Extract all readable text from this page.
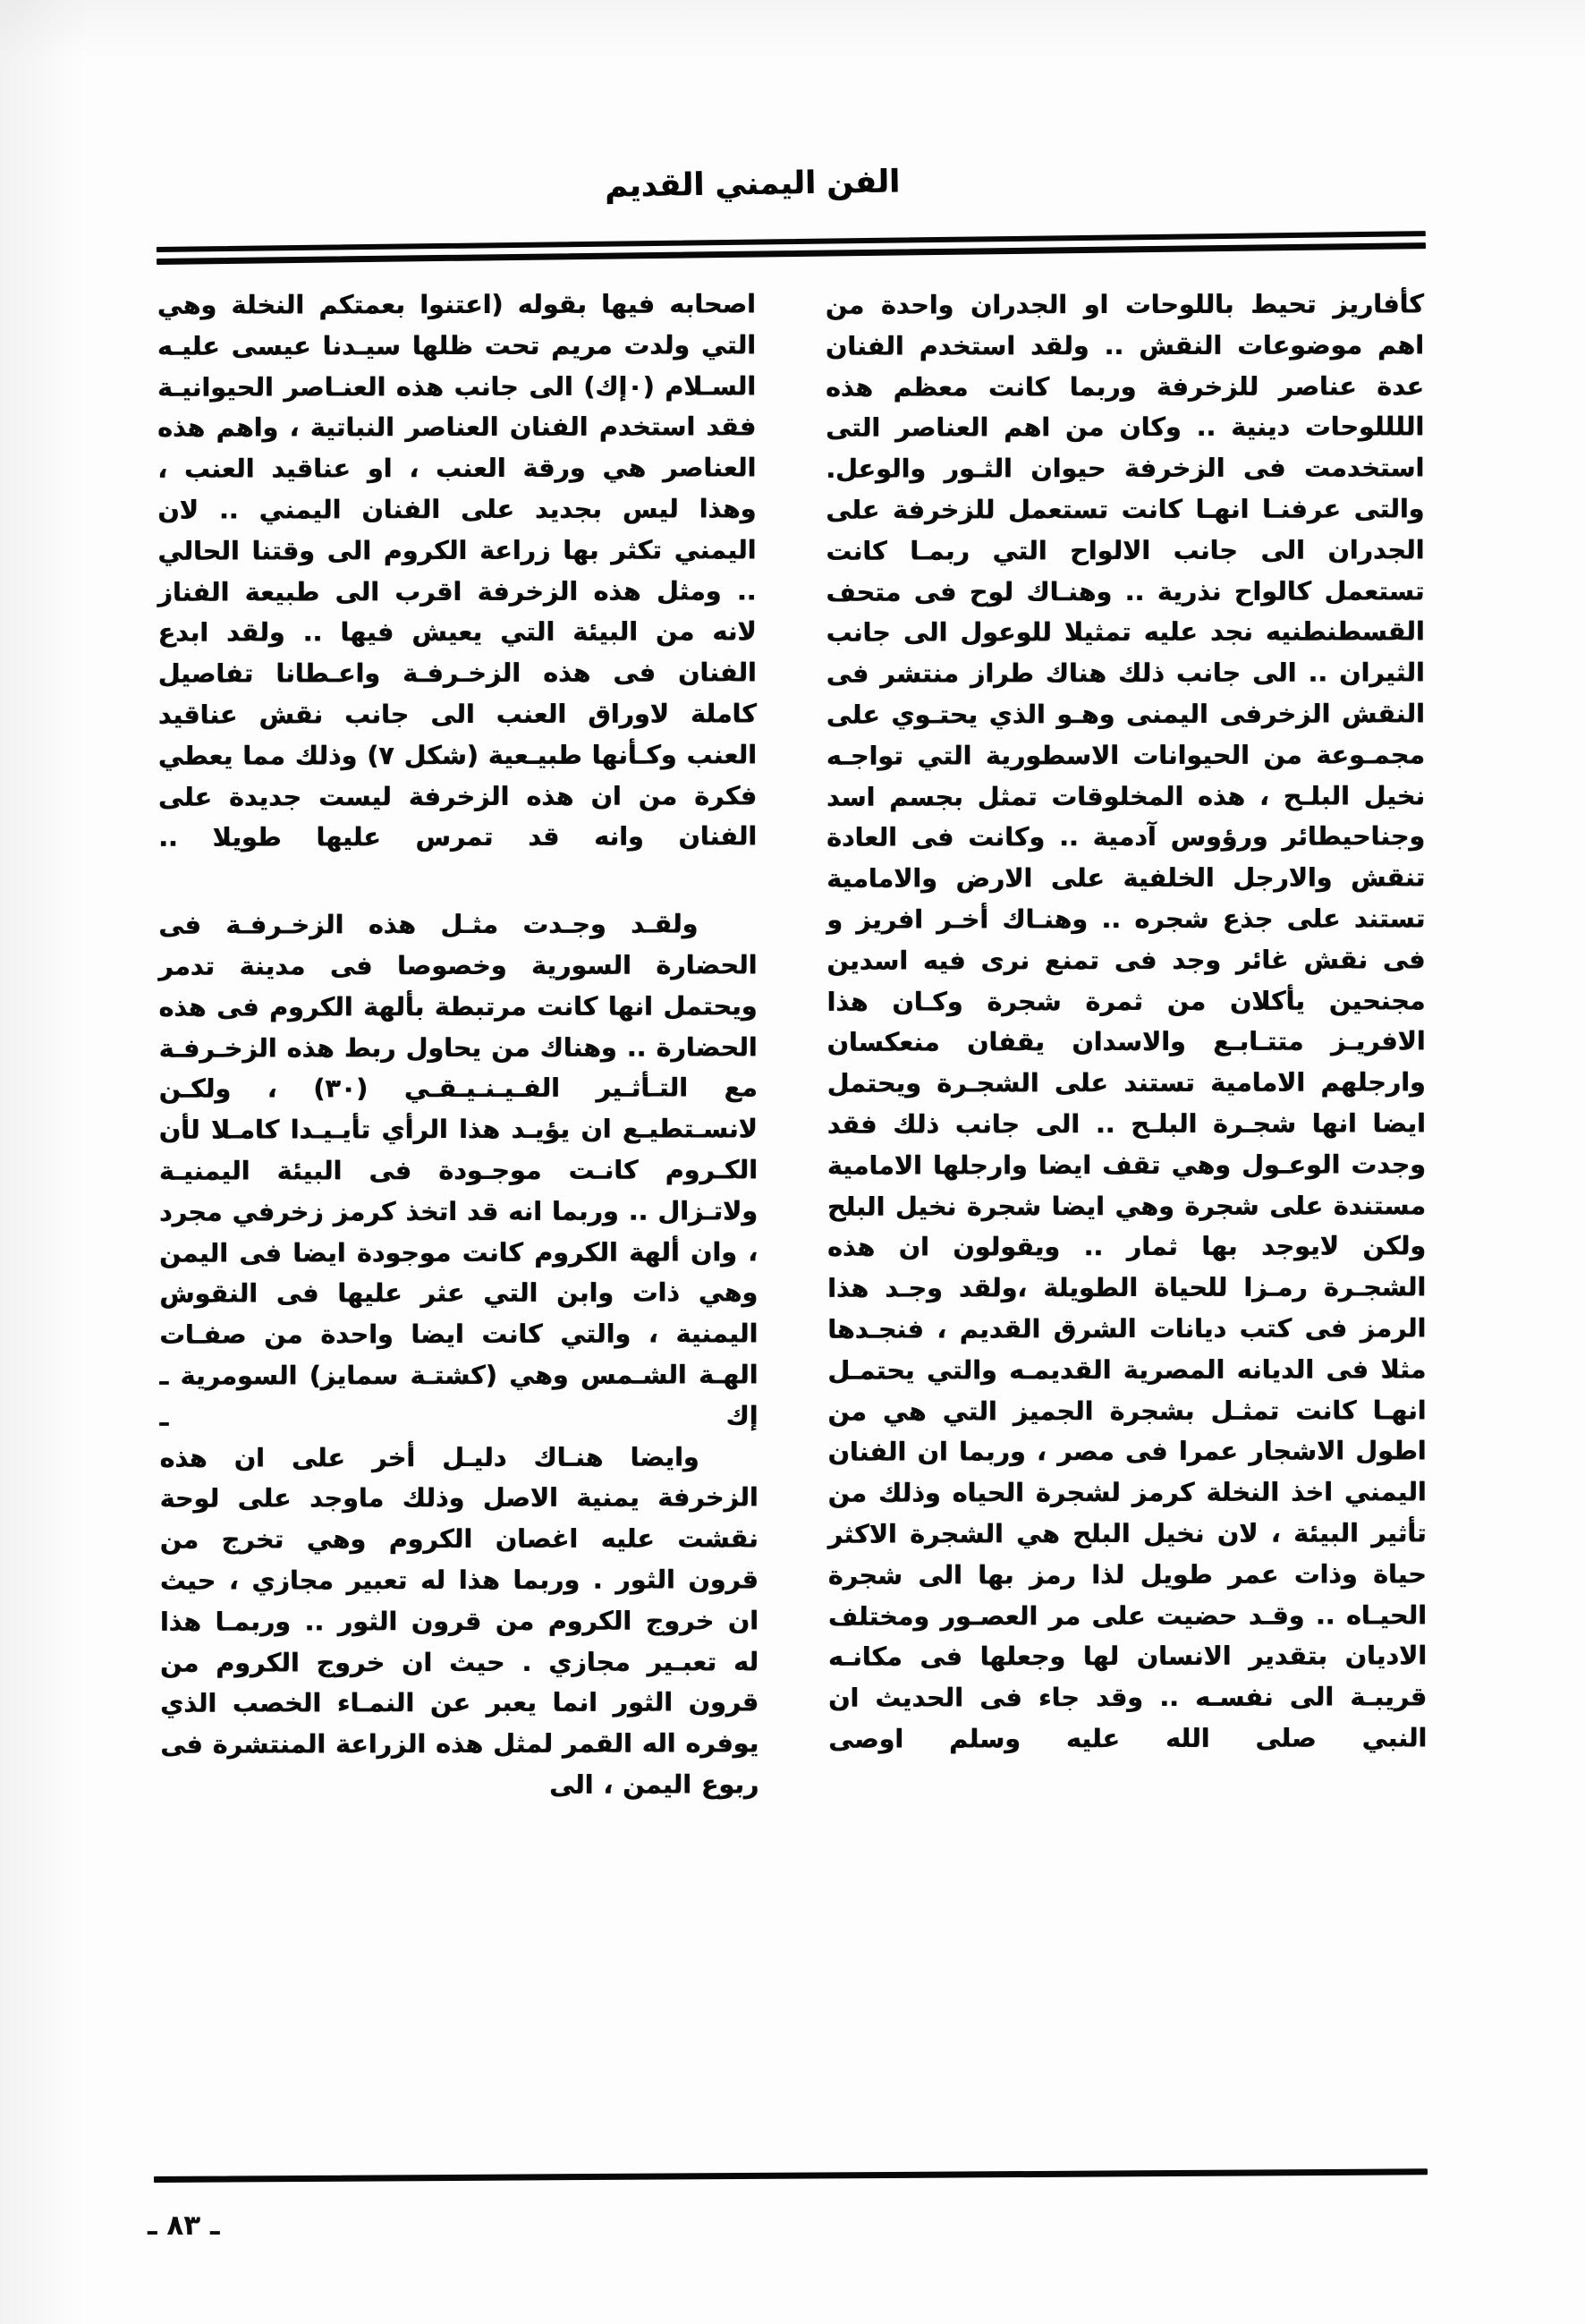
الفن اليمني القديم

كأفاريز تحيط باللوحات او الجدران واحدة من اهم موضوعات النقش .. ولقد استخدم الفنان عدة عناصر للزخرفة وربما كانت معظم هذه اللللوحات دينية .. وكان من اهم العناصر التى استخدمت فى الزخرفة حيوان الثـور والوعل. والتى عرفنـا انهـا كانت تستعمل للزخرفة على الجدران الى جانب الالواح التي ربمـا كانت تستعمل كالواح نذرية .. وهنـاك لوح فى متحف القسطنطنيه نجد عليه تمثيلا للوعول الى جانب الثيران .. الى جانب ذلك هناك طراز منتشر فى النقش الزخرفى اليمنى وهـو الذي يحتـوي على مجمـوعة من الحيوانات الاسطورية التي تواجـه نخيل البلـح ، هذه المخلوقات تمثل بجسم اسد وجناحيطائر ورؤوس آدمية .. وكانت فى العادة تنقش والارجل الخلفية على الارض والامامية تستند على جذع شجره .. وهنـاك أخـر افريز و فى نقش غائر وجد فى تمنع نرى فيه اسدين مجنحين يأكلان من ثمرة شجرة وكـان هذا الافريـز متتـابـع والاسدان يقفان منعكسان وارجلهم الامامية تستند على الشجـرة ويحتمل ايضا انها شجـرة البلـح .. الى جانب ذلك فقد وجدت الوعـول وهي تقف ايضا وارجلها الامامية مستندة على شجرة وهي ايضا شجرة نخيل البلح ولكن لايوجد بها ثمار .. ويقولون ان هذه الشجـرة رمـزا للحياة الطويلة ،ولقد وجـد هذا الرمز فى كتب ديانات الشرق القديم ، فنجـدها مثلا فى الديانه المصرية القديمـه والتي يحتمـل انهـا كانت تمثـل بشجرة الجميز التي هي من اطول الاشجار عمرا فى مصر ، وربما ان الفنان اليمني اخذ النخلة كرمز لشجرة الحياه وذلك من تأثير البيئة ، لان نخيل البلح هي الشجرة الاكثر حياة وذات عمر طويل لذا رمز بها الى شجرة الحيـاه .. وقـد حضيت على مر العصـور ومختلف الاديان بتقدير الانسان لها وجعلها فى مكانـه قريبـة الى نفسـه .. وقد جاء فى الحديث ان النبي صلى الله عليه وسلم اوصى

اصحابه فيها بقوله (اعتنوا بعمتكم النخلة وهي التي ولدت مريم تحت ظلها سيـدنا عيسى عليـه السـلام (٠إك) الى جانب هذه العنـاصر الحيوانيـة فقد استخدم الفنان العناصر النباتية ، واهم هذه العناصر هي ورقة العنب ، او عناقيد العنب ، وهذا ليس بجديد على الفنان اليمني .. لان اليمني تكثر بها زراعة الكروم الى وقتنا الحالي .. ومثل هذه الزخرفة اقرب الى طبيعة الفناز لانه من البيئة التي يعيش فيها .. ولقد ابدع الفنان فى هذه الزخـرفـة واعـطانا تفاصيل كاملة لاوراق العنب الى جانب نقش عناقيد العنب وكـأنها طبيـعية (شكل ٧) وذلك مما يعطي فكرة من ان هذه الزخرفة ليست جديدة على الفنان وانه قد تمرس عليها طويلا ..

ولقـد وجـدت مثـل هذه الزخـرفـة فى الحضارة السورية وخصوصا فى مدينة تدمر ويحتمل انها كانت مرتبطة بألهة الكروم فى هذه الحضارة .. وهناك من يحاول ربط هذه الزخـرفـة مع التـأثـير الفـيـنـيـقـي (٣٠) ، ولكـن لانسـتطيـع ان يؤيـد هذا الرأي تأيـيـدا كامـلا لأن الكـروم كانـت موجـودة فى البيئة اليمنيـة ولاتـزال .. وربما انه قد اتخذ كرمز زخرفي مجرد ، وان ألهة الكروم كانت موجودة ايضا فى اليمن وهي ذات وابن التي عثر عليها فى النقوش اليمنية ، والتي كانت ايضا واحدة من صفـات الهـة الشـمس وهي (كشتـة سمايز) السومرية ـ إك ـ

وايضا هنـاك دليـل أخر على ان هذه الزخرفة يمنية الاصل وذلك ماوجد على لوحة نقشت عليه اغصان الكروم وهي تخرج من قرون الثور . وربما هذا له تعبير مجازي ، حيث ان خروج الكروم من قرون الثور .. وربمـا هذا له تعبـير مجازي . حيث ان خروج الكروم من قرون الثور انما يعبر عن النمـاء الخصب الذي يوفره اله القمر لمثل هذه الزراعة المنتشرة فى ربوع اليمن ، الى

ـ ٨٣ ـ
